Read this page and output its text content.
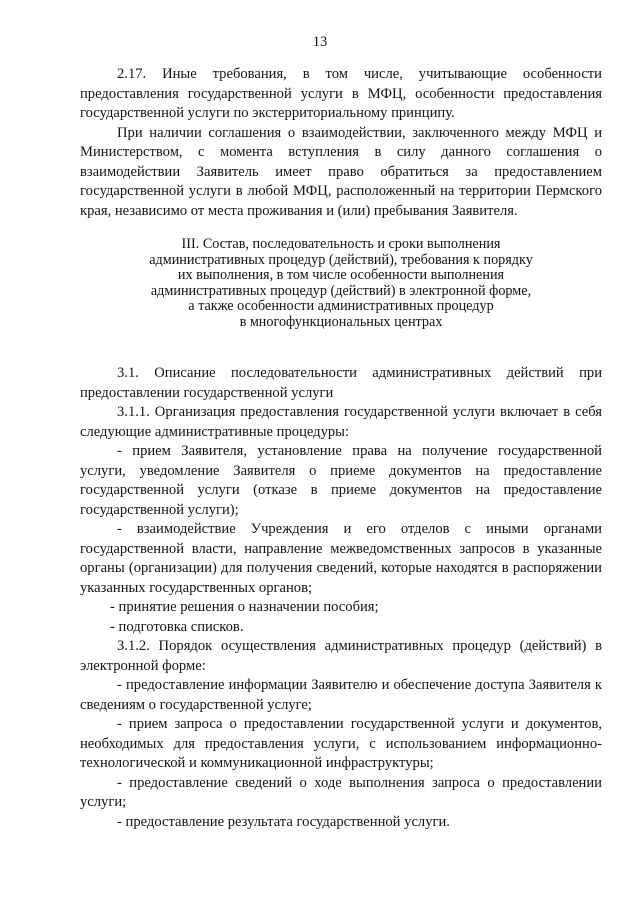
13

2.17. Иные требования, в том числе, учитывающие особенности предоставления государственной услуги в МФЦ, особенности предоставления государственной услуги по экстерриториальному принципу.

При наличии соглашения о взаимодействии, заключенного между МФЦ и Министерством, с момента вступления в силу данного соглашения о взаимодействии Заявитель имеет право обратиться за предоставлением государственной услуги в любой МФЦ, расположенный на территории Пермского края, независимо от места проживания и (или) пребывания Заявителя.

III. Состав, последовательность и сроки выполнения
административных процедур (действий), требования к порядку
их выполнения, в том числе особенности выполнения
административных процедур (действий) в электронной форме,
а также особенности административных процедур
в многофункциональных центрах

3.1. Описание последовательности административных действий при предоставлении государственной услуги

3.1.1. Организация предоставления государственной услуги включает в себя следующие административные процедуры:

- прием Заявителя, установление права на получение государственной услуги, уведомление Заявителя о приеме документов на предоставление государственной услуги (отказе в приеме документов на предоставление государственной услуги);

- взаимодействие Учреждения и его отделов с иными органами государственной власти, направление межведомственных запросов в указанные органы (организации) для получения сведений, которые находятся в распоряжении указанных государственных органов;

- принятие решения о назначении пособия;

- подготовка списков.

3.1.2. Порядок осуществления административных процедур (действий) в электронной форме:

- предоставление информации Заявителю и обеспечение доступа Заявителя к сведениям о государственной услуге;

- прием запроса о предоставлении государственной услуги и документов, необходимых для предоставления услуги, с использованием информационно-технологической и коммуникационной инфраструктуры;

- предоставление сведений о ходе выполнения запроса о предоставлении услуги;

- предоставление результата государственной услуги.
